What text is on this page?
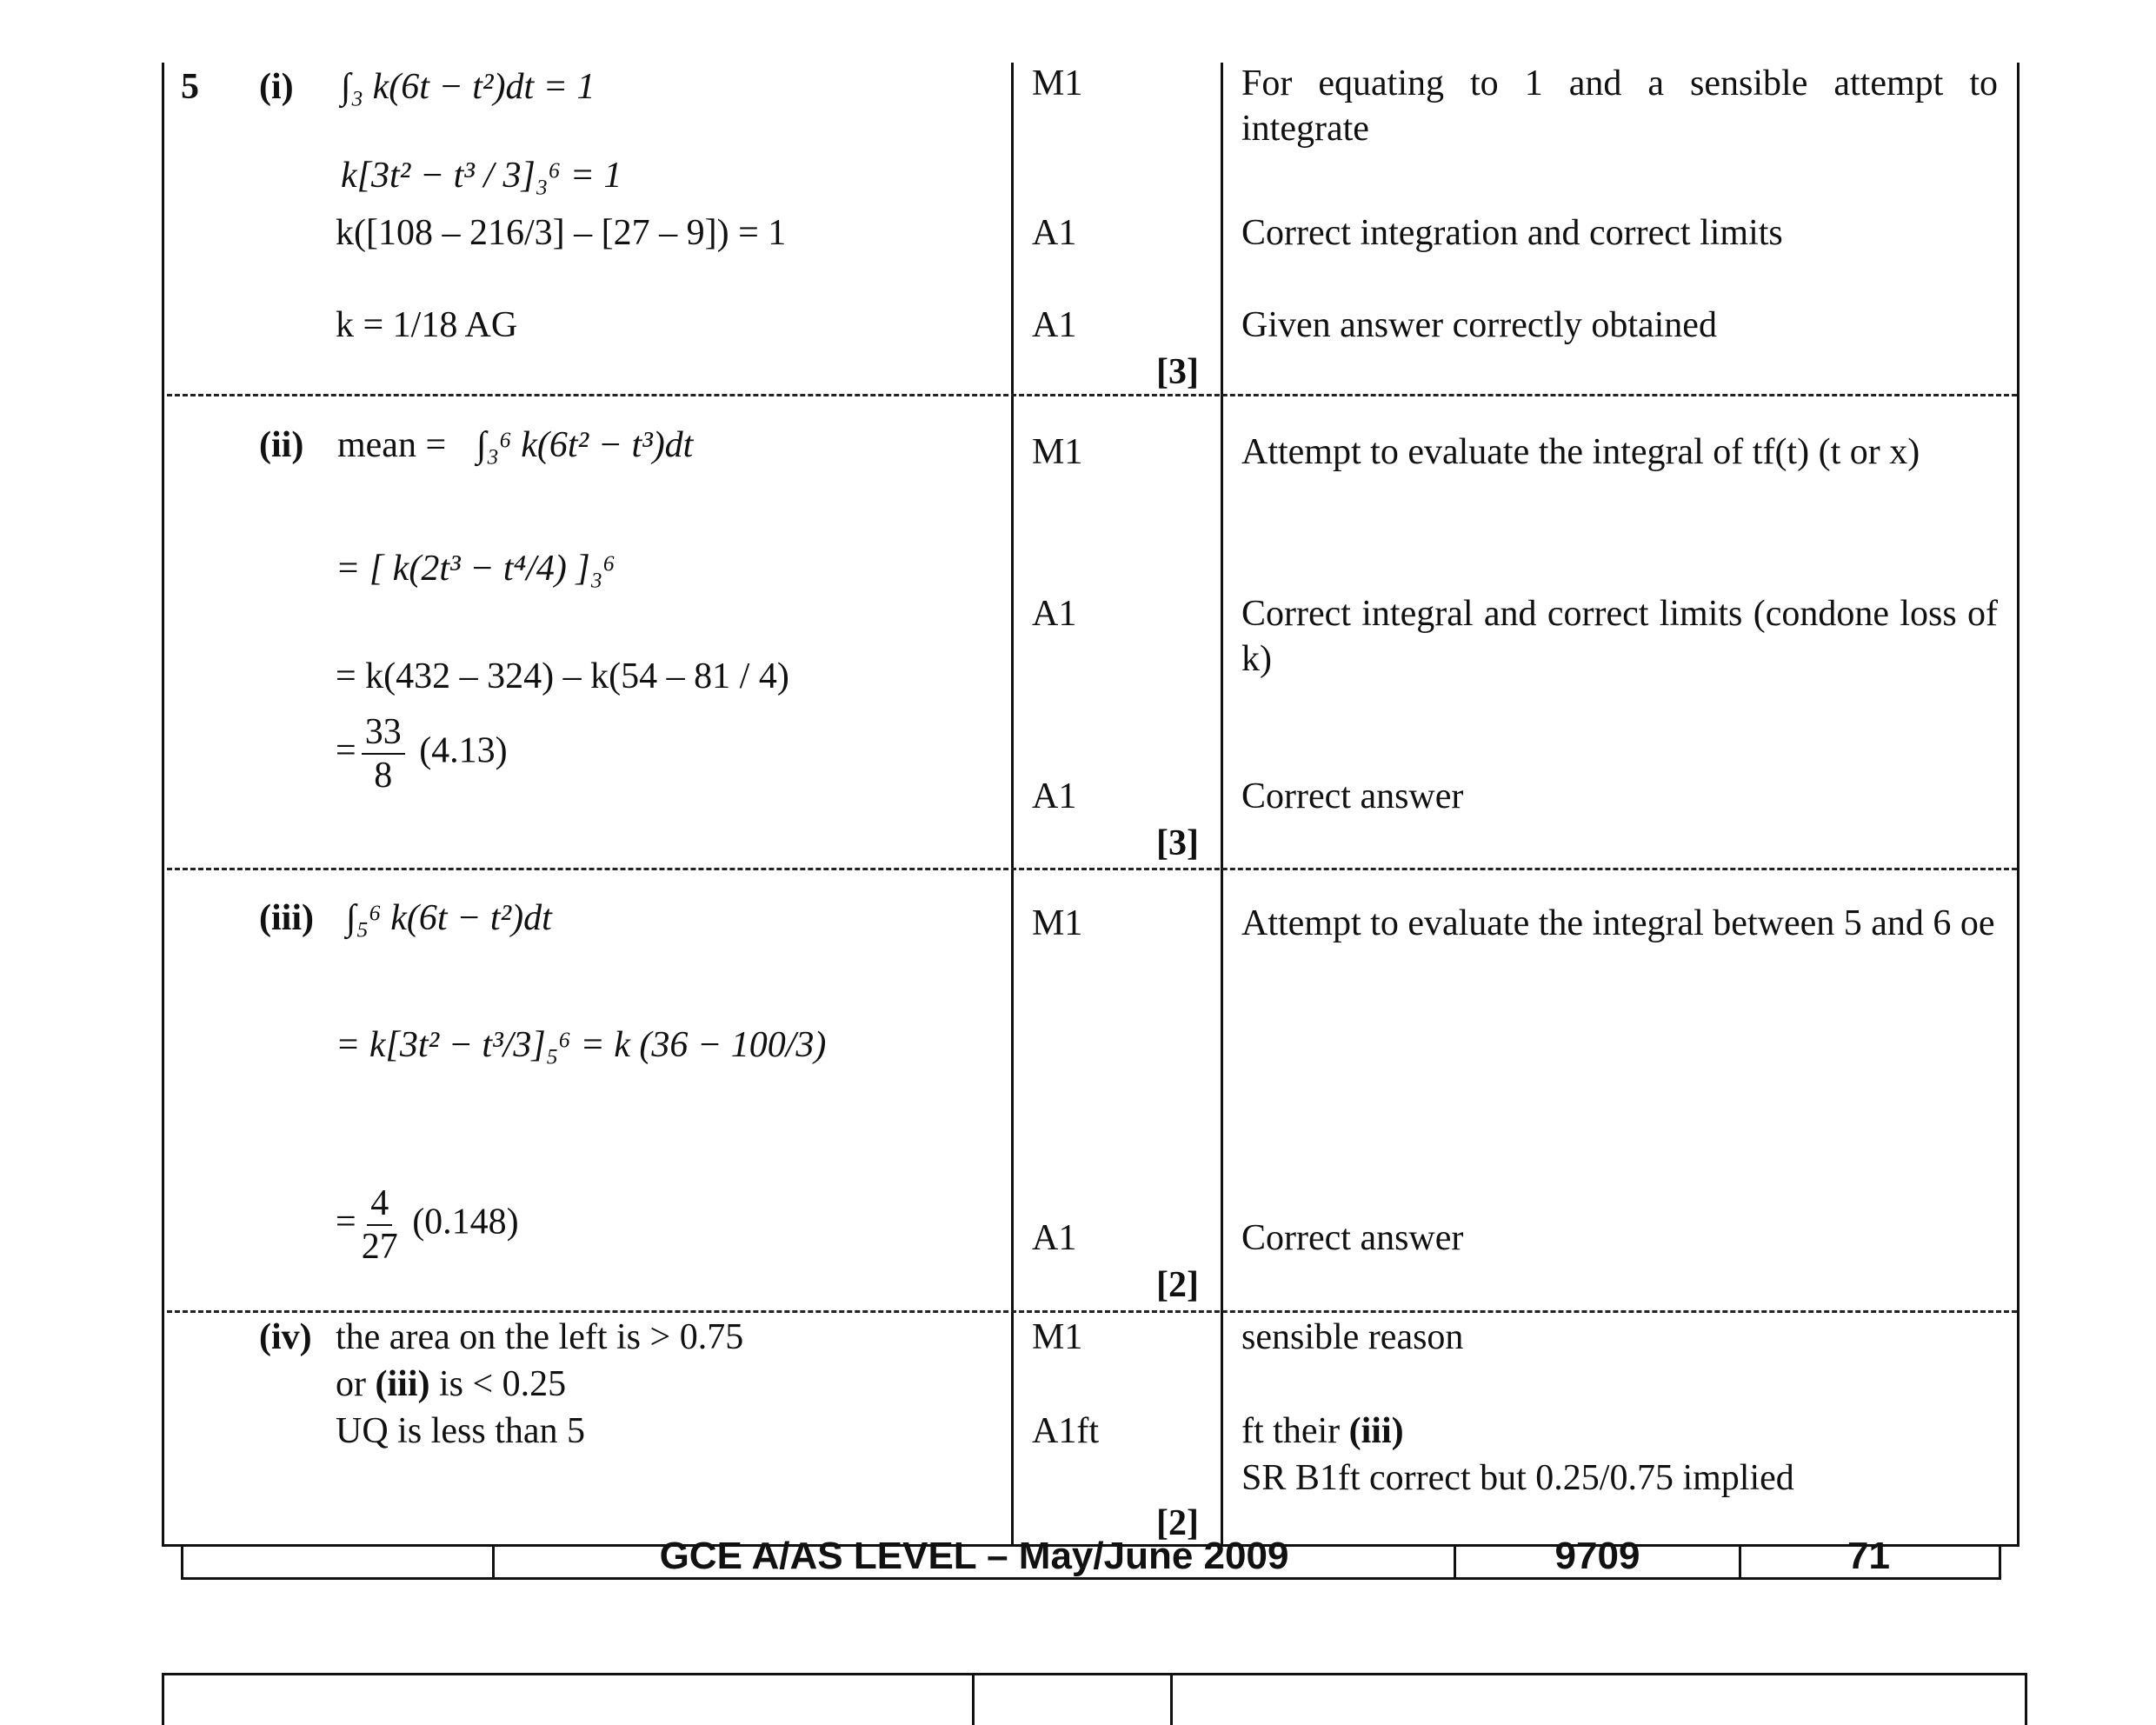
5 (i) ∫₃ k(6t − t²)dt = 1
k[3t² − t³ / 3]₃⁶ = 1
k([108 – 216/3] – [27 – 9]) = 1
k = 1/18 AG
M1
A1
A1
[3]
For equating to 1 and a sensible attempt to integrate
Correct integration and correct limits
Given answer correctly obtained
(ii) mean = ∫₃⁶ k(6t² − t³)dt
= [ k(2t³ − t⁴/4) ]₃⁶
= k(432 – 324) – k(54 – 81 / 4)
= $\frac{33}{8} (4.13)$
M1
A1
A1
[3]
Attempt to evaluate the integral of tf(t) (t or x)
Correct integral and correct limits (condone loss of k)
Correct answer
(iii) ∫₅⁶ k(6t − t²)dt
= k[3t² − t³/3]₅⁶ = k (36 − 100/3)
= $\frac{4}{27} (0.148)$
M1
A1
[2]
Attempt to evaluate the integral between 5 and 6 oe
Correct answer
(iv) the area on the left is > 0.75
or (iii) is < 0.25
UQ is less than 5
M1
A1ft
[2]
sensible reason
ft their (iii)
SR B1ft correct but 0.25/0.75 implied
GCE A/AS LEVEL – May/June 2009	9709	71
